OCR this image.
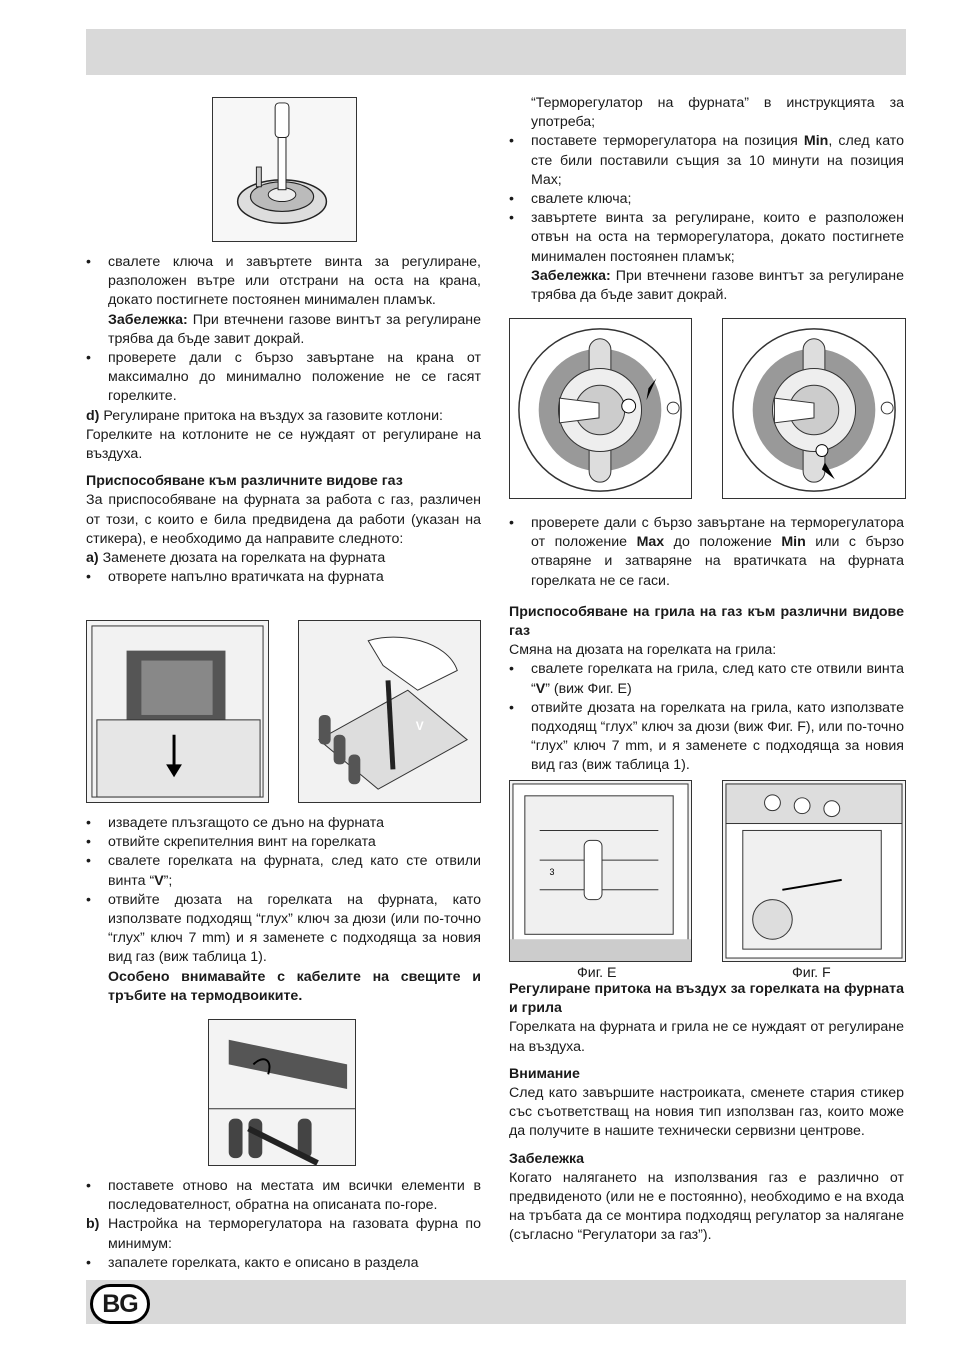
• свалете ключа и завъртете винта за регулиране, разположен вътре или отстрани на оста на крана, докато постигнете постоянен минимален пламък.
Забележка: При втечнени газове винтът за регулиране трябва да бъде завит докрай.
• проверете дали с бързо завъртане на крана от максимално до минимално положение не се гасят горелките.

d) Регулиране притока на въздух за газовите котлони:

Горелките на котлоните не се нуждаят от регулиране на въздуха.

Приспособяване към различните видове газ

За приспособяване на фурната за работа с газ, различен от този, с които е била предвидена да работи (указан на стикера), е необходимо да направите следното:

a) Заменете дюзата на горелката на фурната

• отворете напълно вратичката на фурната
V
• извадете плъзгащото се дъно на фурната
• отвийте скрепителния винт на горелката
• свалете горелката на фурната, след като сте отвили винта “V”;
• отвийте дюзата на горелката на фурната, като използвате подходящ “глух” ключ за дюзи (или по-точно “глух” ключ 7 mm) и я заменете с подходяща за новия вид газ (виж таблица 1).
Особено внимавайте с кабелите на свещите и тръбите на термодвоиките.
• поставете отново на местата им всички елементи в последователност, обратна на описаната по-горе.

b) Настройка на терморегулатора на газовата фурна по минимум:

• запалете горелката, както е описано в раздела

“Терморегулатор на фурната” в инструкцията за употреба;

• поставете терморегулатора на позиция Min, след като сте били поставили същия за 10 минути на позиция Max;
• свалете ключа;
• завъртете винта за регулиране, които е разположен отвън на оста на терморегулатора, докато постигнете минимален постоянен пламък;
Забележка: При втечнени газове винтът за регулиране трябва да бъде завит докрай.
• проверете дали с бързо завъртане на терморегулатора от положение Max до положение Min или с бързо отваряне и затваряне на вратичката на фурната горелката не се гаси.

Приспособяване на грила на газ към различни видове газ

Смяна на дюзата на горелката на грила:

• свалете горелката на грила, след като сте отвили винта “V” (виж Фиг. E)
• отвийте дюзата на горелката на грила, като използвате подходящ “глух” ключ за дюзи (виж Фиг. F), или по-точно “глух” ключ 7 mm, и я заменете с подходяща за новия вид газ (виж таблица 1).
3
Фиг. E	Фиг. F

Регулиране притока на въздух за горелката на фурната и грила

Горелката на фурната и грила не се нуждаят от регулиране на въздуха.

Внимание

След като завършите настроиката, сменете стария стикер със съответстващ на новия тип използван газ, които може да получите в нашите технически сервизни центрове.

Забележка

Когато налягането на използвания газ е различно от предвиденото (или не е постоянно), необходимо е на входа на тръбата да се монтира подходящ регулатор за налягане (съгласно “Регулатори за газ”).

BG
